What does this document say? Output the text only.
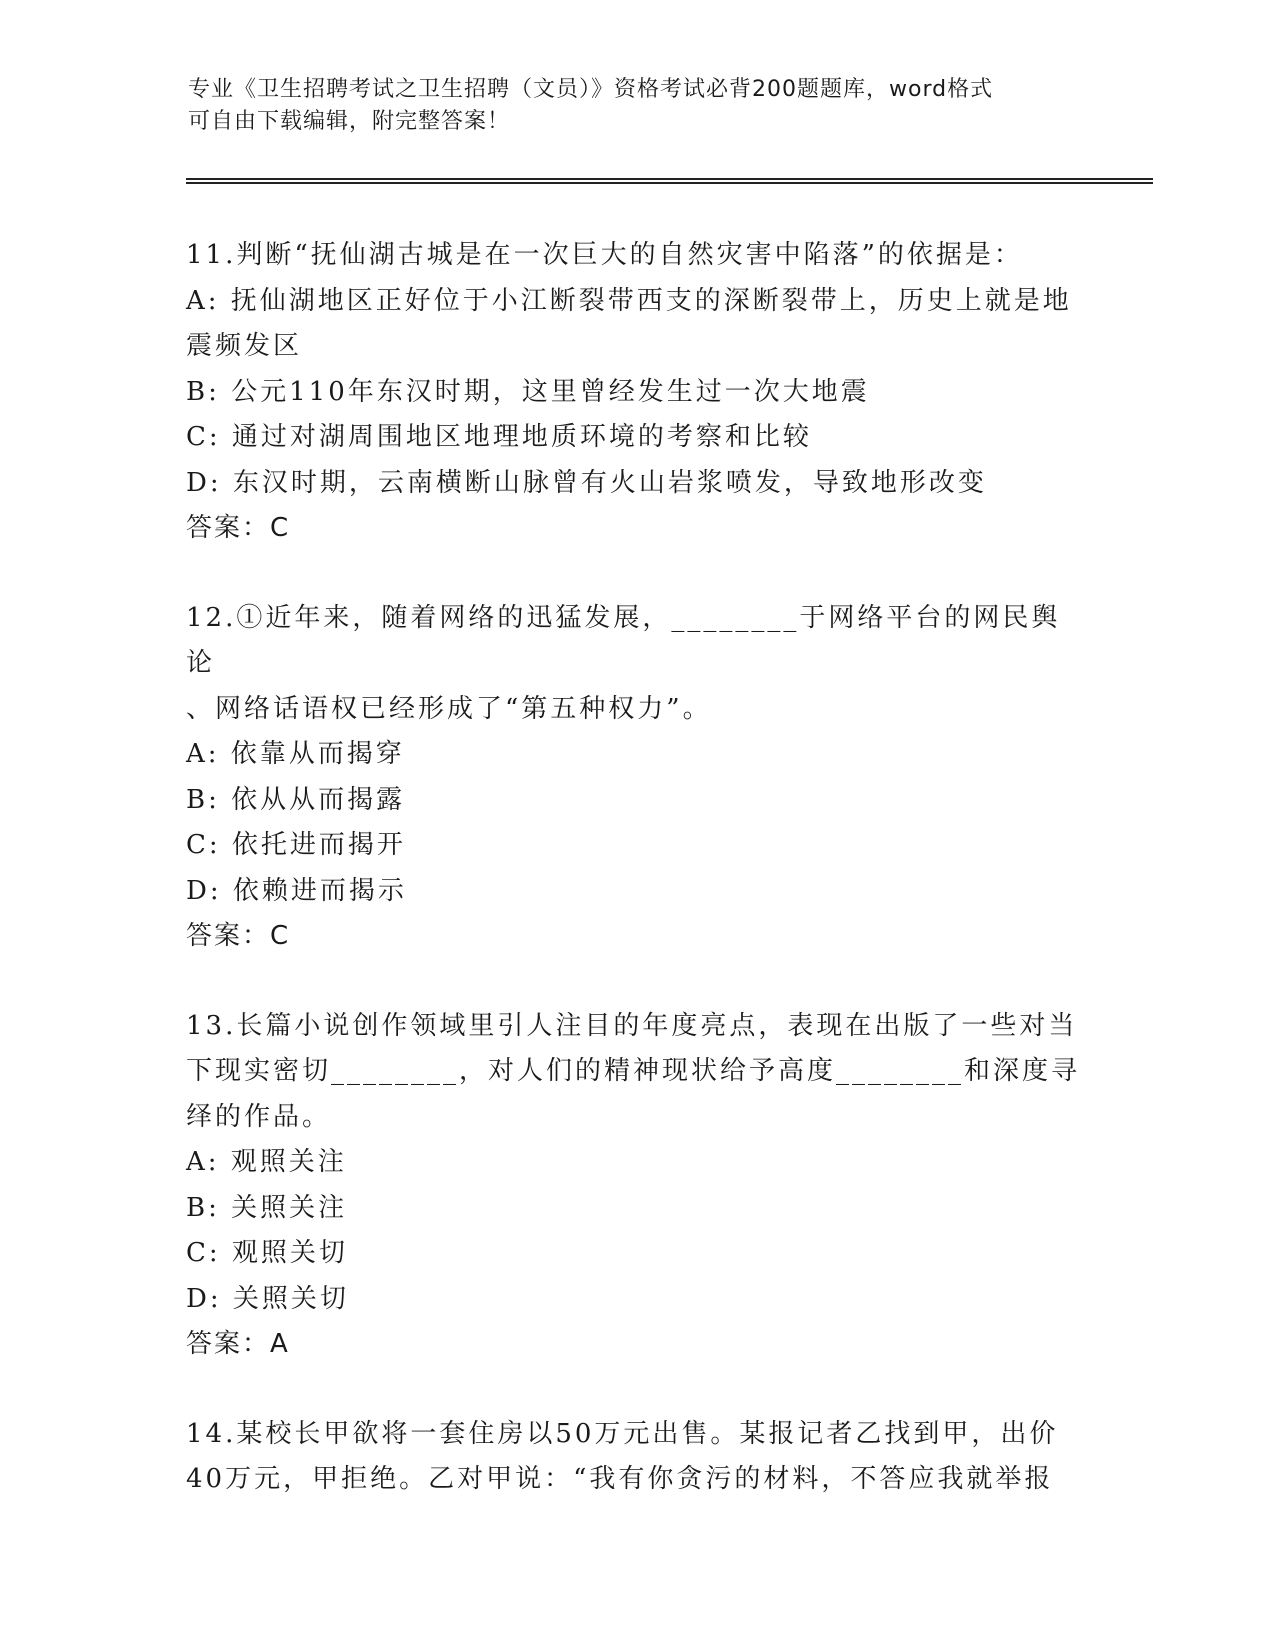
专业《卫生招聘考试之卫生招聘（文员）》资格考试必背200题题库，word格式
可自由下载编辑，附完整答案！
11.判断“抚仙湖古城是在一次巨大的自然灾害中陷落”的依据是：
A: 抚仙湖地区正好位于小江断裂带西支的深断裂带上，历史上就是地
震频发区
B: 公元110年东汉时期，这里曾经发生过一次大地震
C: 通过对湖周围地区地理地质环境的考察和比较
D: 东汉时期，云南横断山脉曾有火山岩浆喷发，导致地形改变
答案：C
12.①近年来，随着网络的迅猛发展，________于网络平台的网民舆论
、网络话语权已经形成了“第五种权力”。
A: 依靠从而揭穿
B: 依从从而揭露
C: 依托进而揭开
D: 依赖进而揭示
答案：C
13.长篇小说创作领域里引人注目的年度亮点，表现在出版了一些对当
下现实密切________，对人们的精神现状给予高度________和深度寻
绎的作品。
A: 观照关注
B: 关照关注
C: 观照关切
D: 关照关切
答案：A
14.某校长甲欲将一套住房以50万元出售。某报记者乙找到甲，出价
40万元，甲拒绝。乙对甲说：“我有你贪污的材料，不答应我就举报
